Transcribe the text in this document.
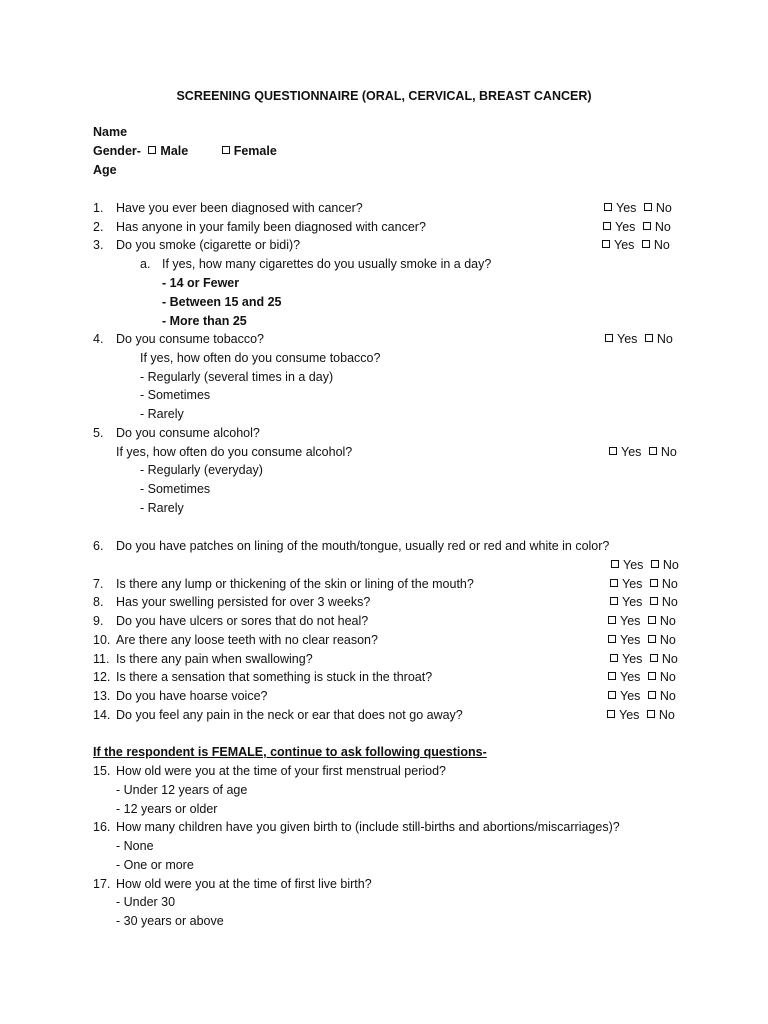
SCREENING QUESTIONNAIRE (ORAL, CERVICAL, BREAST CANCER)
Name
Gender- Male	Female
Age
1. Have you ever been diagnosed with cancer?	Yes No
2. Has anyone in your family been diagnosed with cancer?	Yes No
3. Do you smoke (cigarette or bidi)?	Yes No
a. If yes, how many cigarettes do you usually smoke in a day?
- 14 or Fewer
- Between 15 and 25
- More than 25
4. Do you consume tobacco?	Yes No
If yes, how often do you consume tobacco?
- Regularly (several times in a day)
- Sometimes
- Rarely
5. Do you consume alcohol?
If yes, how often do you consume alcohol?	Yes No
- Regularly (everyday)
- Sometimes
- Rarely
6. Do you have patches on lining of the mouth/tongue, usually red or red and white in color?
Yes No
7. Is there any lump or thickening of the skin or lining of the mouth?	Yes No
8. Has your swelling persisted for over 3 weeks?	Yes No
9. Do you have ulcers or sores that do not heal?	Yes No
10. Are there any loose teeth with no clear reason?	Yes No
11. Is there any pain when swallowing?	Yes No
12. Is there a sensation that something is stuck in the throat?	Yes No
13. Do you have hoarse voice?	Yes No
14. Do you feel any pain in the neck or ear that does not go away?	Yes No
If the respondent is FEMALE, continue to ask following questions-
15. How old were you at the time of your first menstrual period?
- Under 12 years of age
- 12 years or older
16. How many children have you given birth to (include still-births and abortions/miscarriages)?
- None
- One or more
17. How old were you at the time of first live birth?
- Under 30
- 30 years or above
